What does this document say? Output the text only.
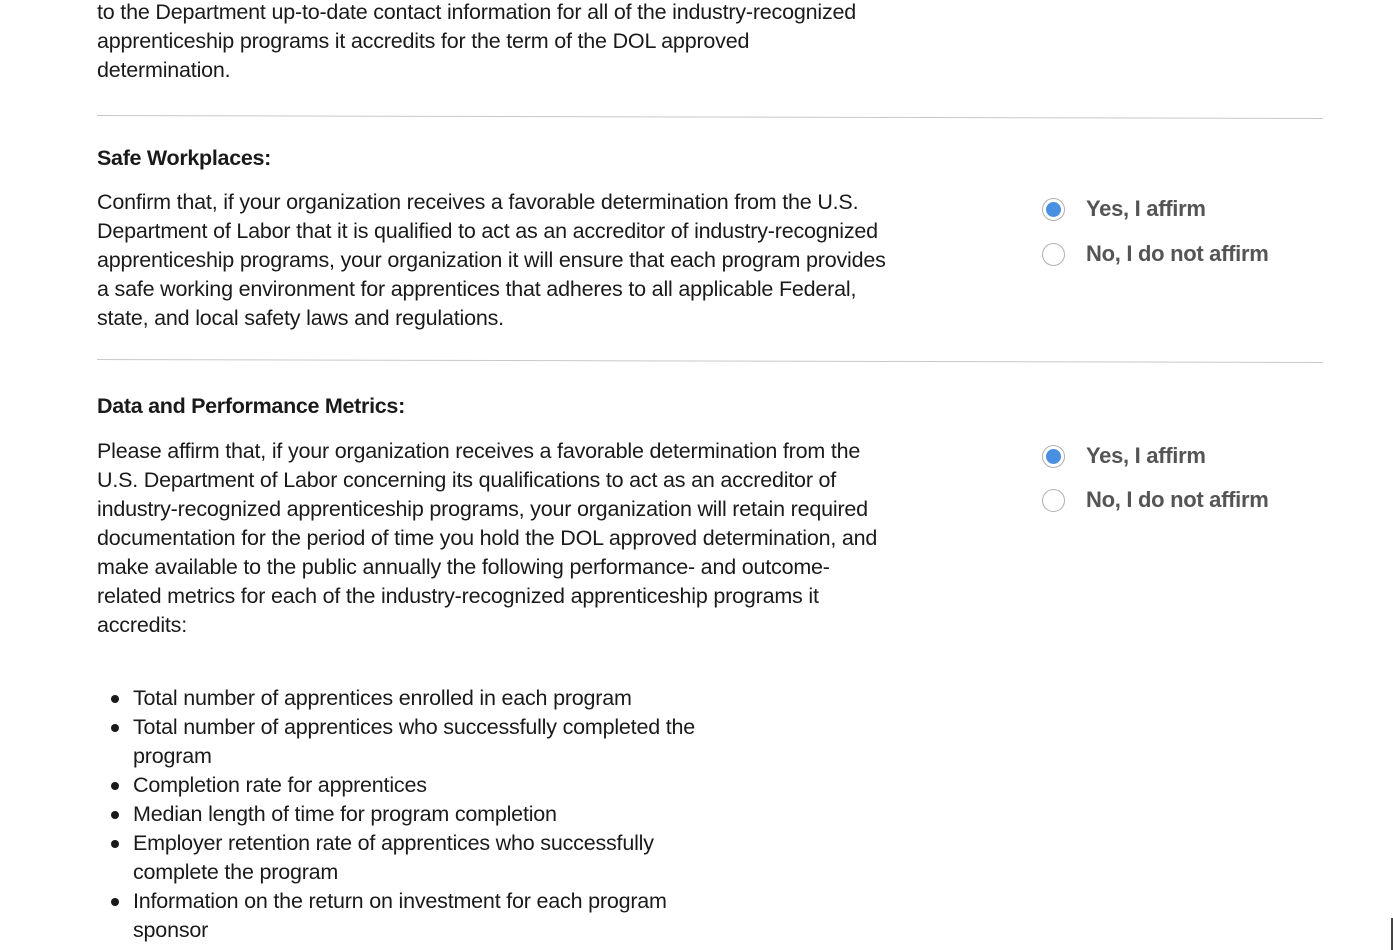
to the Department up-to-date contact information for all of the industry-recognized
apprenticeship programs it accredits for the term of the DOL approved
determination.
Safe Workplaces:
Confirm that, if your organization receives a favorable determination from the U.S.
Department of Labor that it is qualified to act as an accreditor of industry-recognized
apprenticeship programs, your organization it will ensure that each program provides
a safe working environment for apprentices that adheres to all applicable Federal,
state, and local safety laws and regulations.
Yes, I affirm
No, I do not affirm
Data and Performance Metrics:
Please affirm that, if your organization receives a favorable determination from the
U.S. Department of Labor concerning its qualifications to act as an accreditor of
industry-recognized apprenticeship programs, your organization will retain required
documentation for the period of time you hold the DOL approved determination, and
make available to the public annually the following performance- and outcome-
related metrics for each of the industry-recognized apprenticeship programs it
accredits:
Yes, I affirm
No, I do not affirm
Total number of apprentices enrolled in each program
Total number of apprentices who successfully completed the
program
Completion rate for apprentices
Median length of time for program completion
Employer retention rate of apprentices who successfully
complete the program
Information on the return on investment for each program
sponsor
